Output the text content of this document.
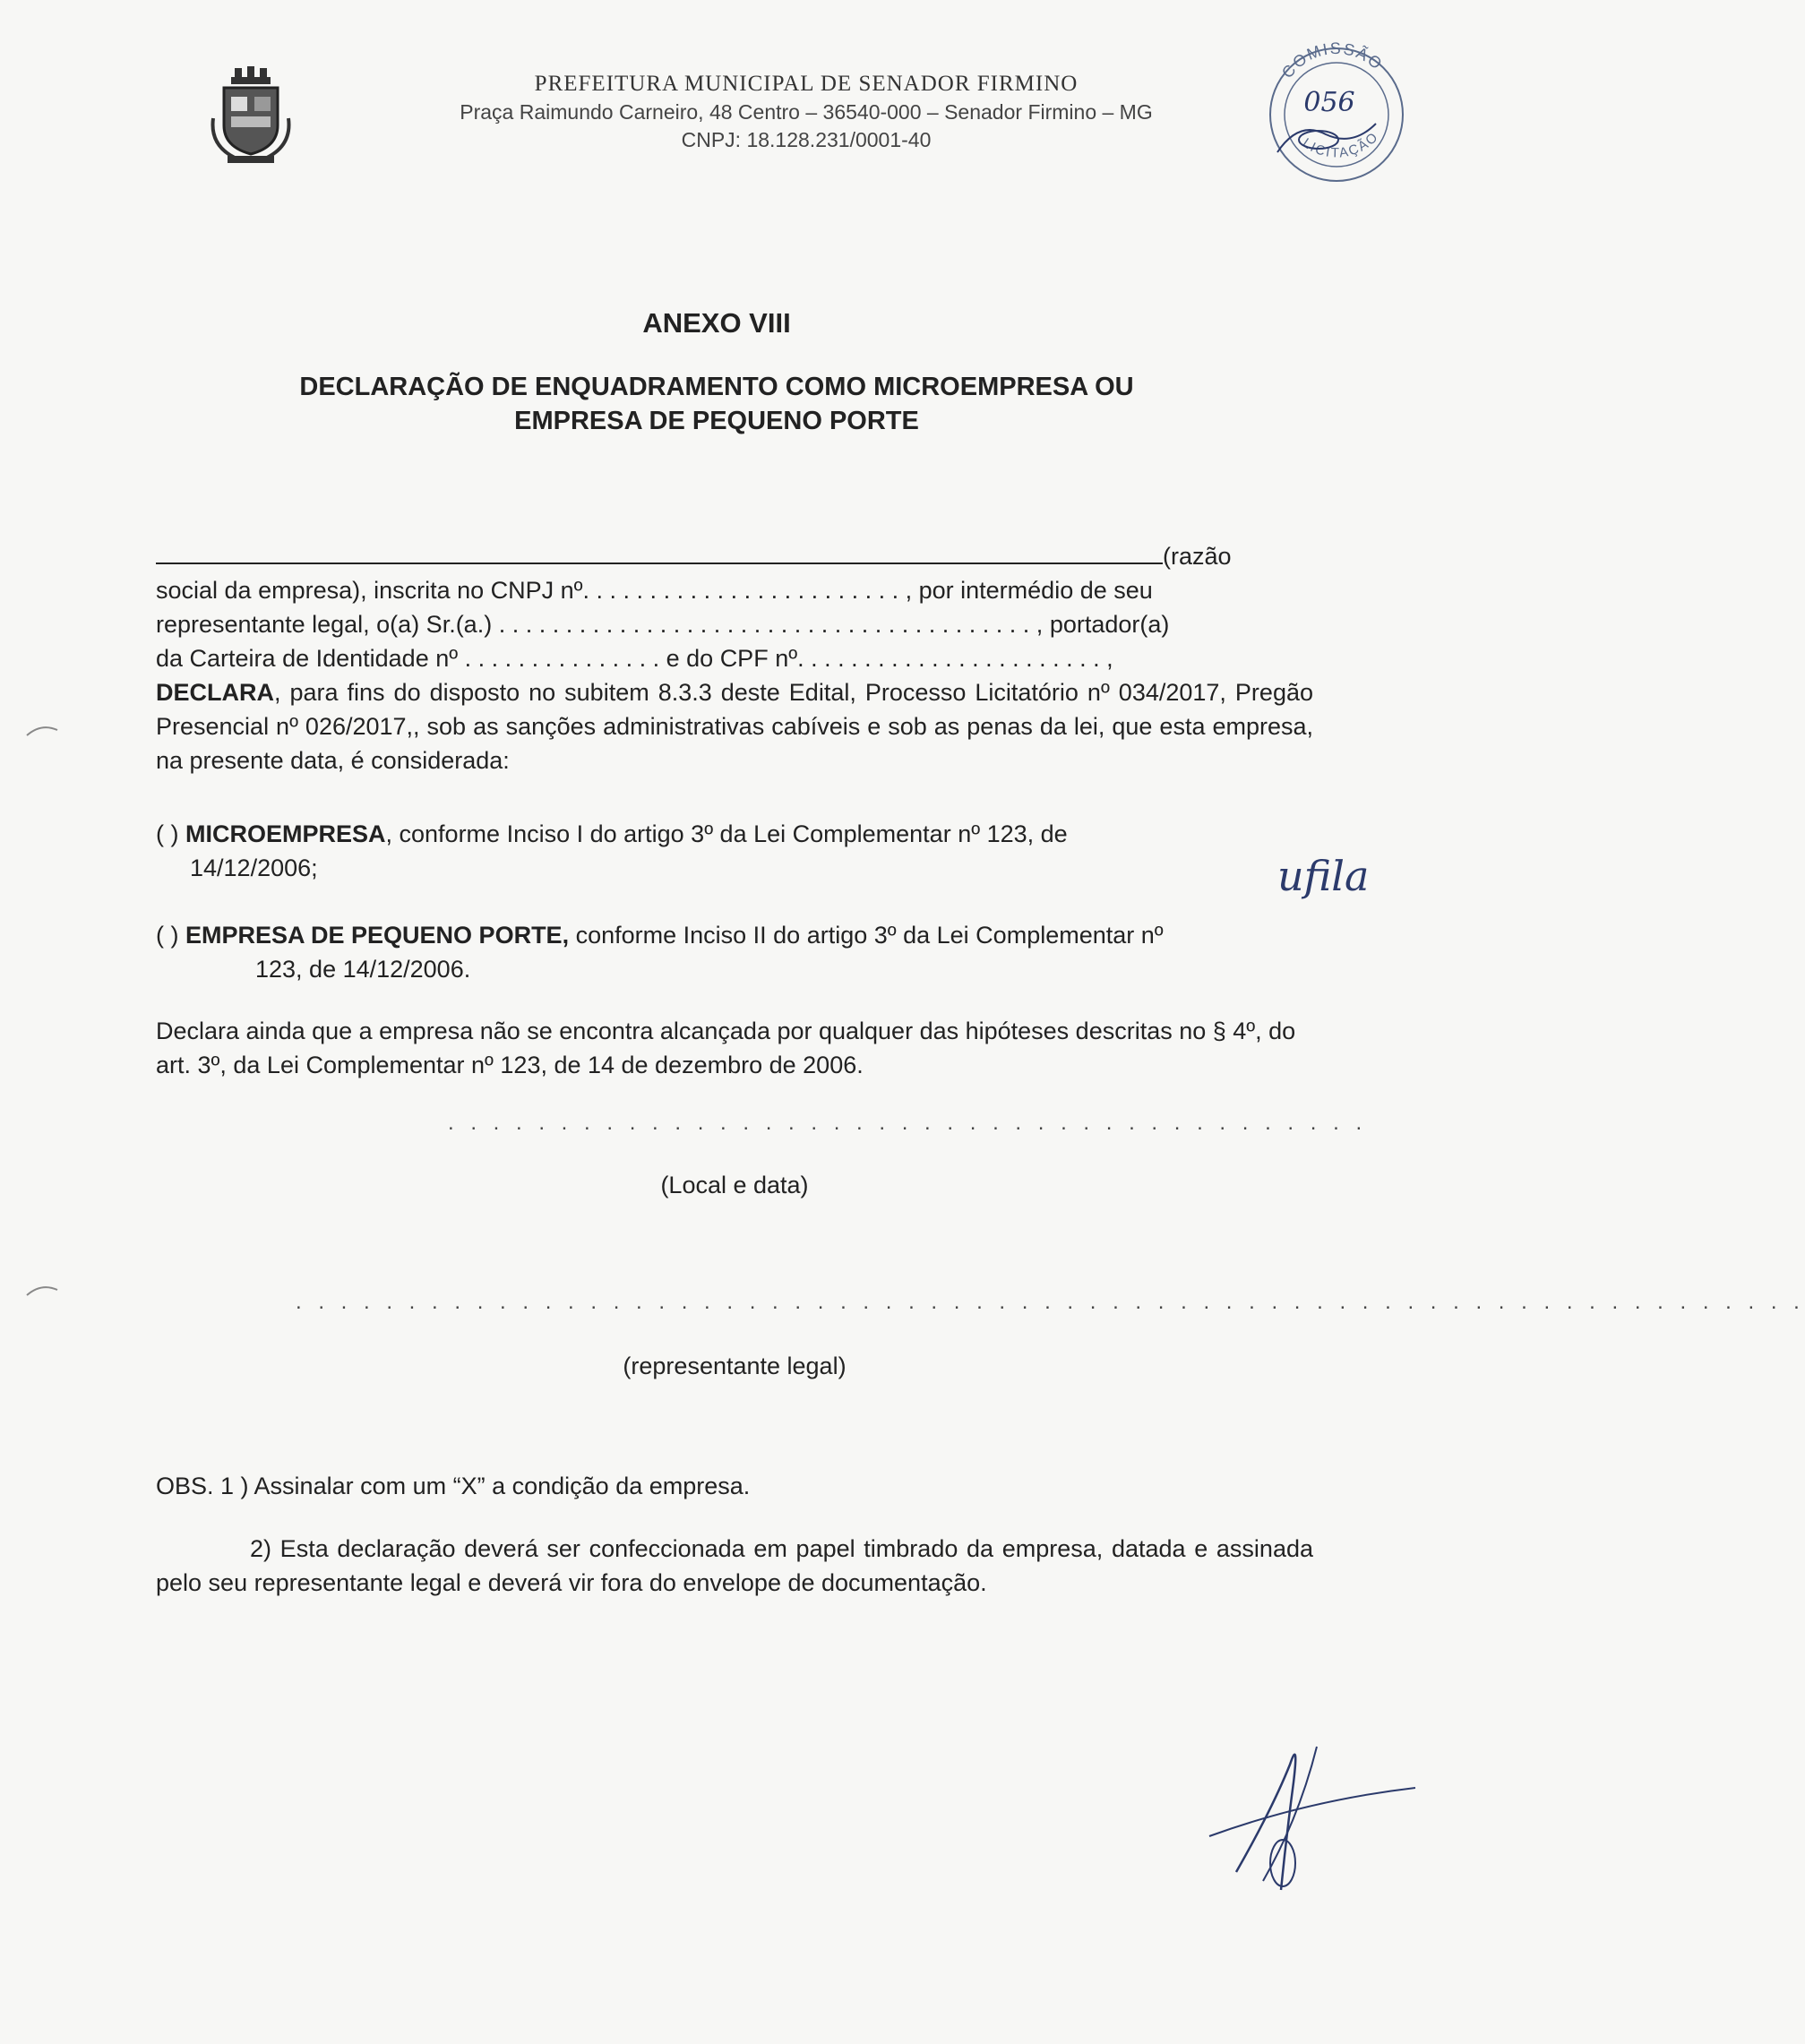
PREFEITURA MUNICIPAL DE SENADOR FIRMINO
Praça Raimundo Carneiro, 48 Centro – 36540-000 – Senador Firmino – MG
CNPJ: 18.128.231/0001-40
COMISSÃO
056
LICITAÇÃO
ANEXO VIII
DECLARAÇÃO DE ENQUADRAMENTO COMO MICROEMPRESA OU EMPRESA DE PEQUENO PORTE
(razão
social da empresa), inscrita no CNPJ nº. . . . . . . . . . . . . . . . . . . . . . . . , por intermédio de seu
representante legal, o(a) Sr.(a.) . . . . . . . . . . . . . . . . . . . . . . . . . . . . . . . . . . . . . . . . , portador(a)
da Carteira de Identidade nº . . . . . . . . . . . . . . . e do CPF nº. . . . . . . . . . . . . . . . . . . . . . . ,
DECLARA, para fins do disposto no subitem 8.3.3 deste Edital, Processo Licitatório nº 034/2017, Pregão Presencial nº 026/2017,, sob as sanções administrativas cabíveis e sob as penas da lei, que esta empresa, na presente data, é considerada:
( ) MICROEMPRESA, conforme Inciso I do artigo 3º da Lei Complementar nº 123, de
14/12/2006;
( ) EMPRESA DE PEQUENO PORTE, conforme Inciso II do artigo 3º da Lei Complementar nº
123, de 14/12/2006.
Declara ainda que a empresa não se encontra alcançada por qualquer das hipóteses descritas no § 4º, do art. 3º, da Lei Complementar nº 123, de 14 de dezembro de 2006.
. . . . . . . . . . . . . . . . . . . . . . . . . . . . . . . . . . . . . . . . .
(Local e data)
. . . . . . . . . . . . . . . . . . . . . . . . . . . . . . . . . . . . . . . . . . . . . . . . . . . . . . . . . . . . . . . . . . .
(representante legal)
OBS. 1 ) Assinalar com um “X” a condição da empresa.
2) Esta declaração deverá ser confeccionada em papel timbrado da empresa, datada e assinada pelo seu representante legal e deverá vir fora do envelope de documentação.
ufila
